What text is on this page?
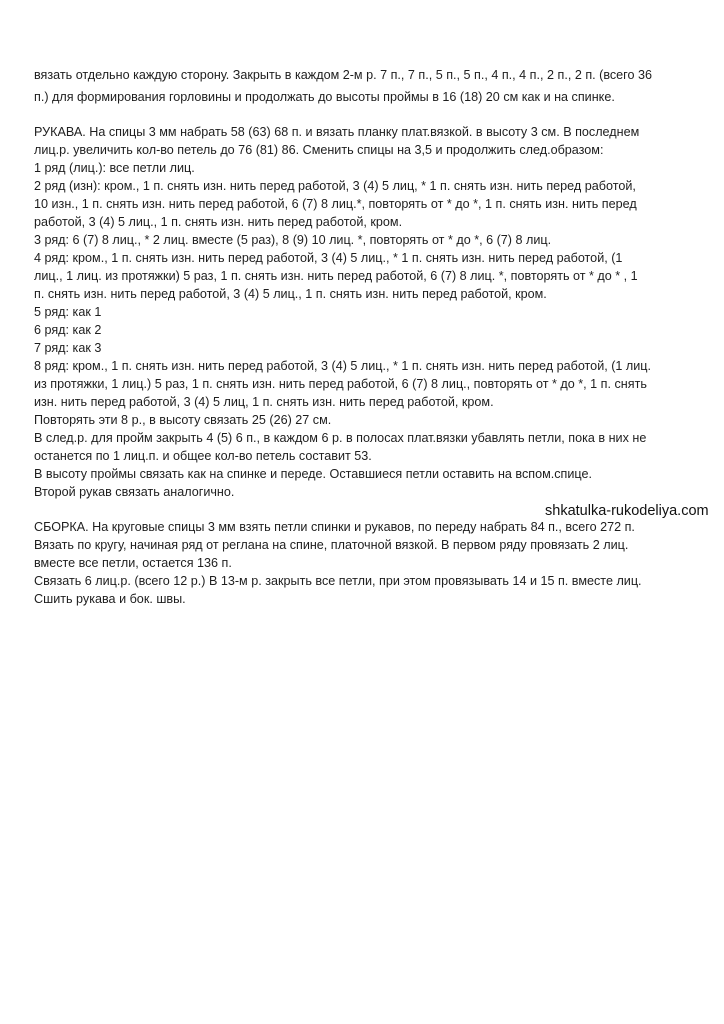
вязать отдельно каждую сторону. Закрыть в каждом 2-м р. 7 п., 7 п., 5 п., 5 п., 4 п., 4 п., 2 п., 2 п. (всего 36
п.) для формирования горловины и продолжать до высоты проймы в 16 (18) 20 см как и на спинке.
РУКАВА. На спицы 3 мм набрать 58 (63) 68 п. и вязать планку плат.вязкой. в высоту 3 см. В последнем
лиц.р. увеличить кол-во петель до 76 (81) 86. Сменить спицы на 3,5 и продолжить след.образом:
1 ряд (лиц.): все петли лиц.
2 ряд (изн): кром., 1 п. снять изн. нить перед работой, 3 (4) 5 лиц, * 1 п. снять изн. нить перед работой,
10 изн., 1 п. снять изн. нить перед работой, 6 (7) 8 лиц.*, повторять от * до *, 1 п. снять изн. нить перед
работой, 3 (4) 5 лиц., 1 п. снять изн. нить перед работой, кром.
3 ряд: 6 (7) 8 лиц., * 2 лиц. вместе (5 раз), 8 (9) 10 лиц. *, повторять от * до *, 6 (7) 8 лиц.
4 ряд: кром., 1 п. снять изн. нить перед работой, 3 (4) 5 лиц., * 1 п. снять изн. нить перед работой, (1
лиц., 1 лиц. из протяжки) 5 раз, 1 п. снять изн. нить перед работой, 6 (7) 8 лиц. *, повторять от * до * , 1
п. снять изн. нить перед работой, 3 (4) 5 лиц., 1 п. снять изн. нить перед работой, кром.
5 ряд: как 1
6 ряд: как 2
7 ряд: как 3
8 ряд: кром., 1 п. снять изн. нить перед работой, 3 (4) 5 лиц., * 1 п. снять изн. нить перед работой, (1 лиц.
из протяжки, 1 лиц.) 5 раз, 1 п. снять изн. нить перед работой, 6 (7) 8 лиц., повторять от * до *, 1 п. снять
изн. нить перед работой, 3 (4) 5 лиц, 1 п. снять изн. нить перед работой, кром.
Повторять эти 8 р., в высоту связать 25 (26) 27 см.
В след.р. для пройм закрыть 4 (5) 6 п., в каждом 6 р. в полосах плат.вязки убавлять петли, пока в них не
останется по 1 лиц.п. и общее кол-во петель составит 53.
В высоту проймы связать как на спинке и переде. Оставшиеся петли оставить на вспом.спице.
Второй рукав связать аналогично.
shkatulka-rukodeliya.com
СБОРКА. На круговые спицы 3 мм взять петли спинки и рукавов, по переду набрать 84 п., всего 272 п.
Вязать по кругу, начиная ряд от реглана на спине, платочной вязкой. В первом ряду провязать 2 лиц.
вместе все петли, остается 136 п.
Связать 6 лиц.р. (всего 12 р.) В 13-м р. закрыть все петли, при этом провязывать 14 и 15 п. вместе лиц.
Сшить рукава и бок. швы.
